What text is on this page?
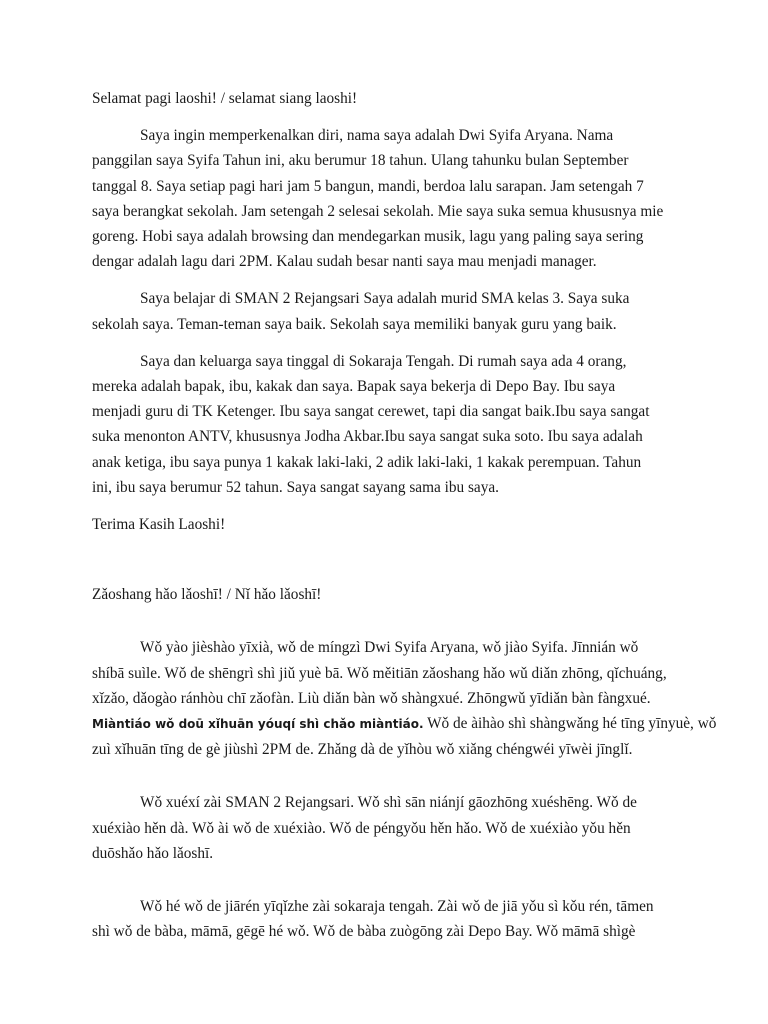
Selamat pagi laoshi! / selamat siang laoshi!

Saya ingin memperkenalkan diri, nama saya adalah Dwi Syifa Aryana. Nama
panggilan saya Syifa Tahun ini, aku berumur 18 tahun. Ulang tahunku bulan September
tanggal 8. Saya setiap pagi hari jam 5 bangun, mandi, berdoa lalu sarapan. Jam setengah 7
saya berangkat sekolah. Jam setengah 2 selesai sekolah. Mie saya suka semua khususnya mie
goreng. Hobi saya adalah browsing dan mendegarkan musik, lagu yang paling saya sering
dengar adalah lagu dari 2PM. Kalau sudah besar nanti saya mau menjadi manager.

Saya belajar di SMAN 2 Rejangsari Saya adalah murid SMA kelas 3. Saya suka
sekolah saya. Teman-teman saya baik. Sekolah saya memiliki banyak guru yang baik.

Saya dan keluarga saya tinggal di Sokaraja Tengah. Di rumah saya ada 4 orang,
mereka adalah bapak, ibu, kakak dan saya. Bapak saya bekerja di Depo Bay. Ibu saya
menjadi guru di TK Ketenger. Ibu saya sangat cerewet, tapi dia sangat baik.Ibu saya sangat
suka menonton ANTV, khususnya Jodha Akbar.Ibu saya sangat suka soto. Ibu saya adalah
anak ketiga, ibu saya punya 1 kakak laki-laki, 2 adik laki-laki, 1 kakak perempuan. Tahun
ini, ibu saya berumur 52 tahun. Saya sangat sayang sama ibu saya.

Terima Kasih Laoshi!

Zǎoshang hǎo lǎoshī! / Nǐ hǎo lǎoshī!

Wǒ yào jièshào yīxià, wǒ de míngzì Dwi Syifa Aryana, wǒ jiào Syifa. Jīnnián wǒ
shíbā suìle. Wǒ de shēngrì shì jiǔ yuè bā. Wǒ měitiān zǎoshang hǎo wǔ diǎn zhōng, qǐchuáng,
xǐzǎo, dǎogào ránhòu chī zǎofàn. Liù diǎn bàn wǒ shàngxué. Zhōngwǔ yīdiǎn bàn fàngxué.
Miàntiáo wǒ doū xǐhuān yóuqí shì chǎo miàntiáo. Wǒ de àihào shì shàngwǎng hé tīng yīnyuè, wǒ
zuì xǐhuān tīng de gè jiùshì 2PM de. Zhǎng dà de yǐhòu wǒ xiǎng chéngwéi yīwèi jīnglǐ.

Wǒ xuéxí zài SMAN 2 Rejangsari. Wǒ shì sān niánjí gāozhōng xuéshēng. Wǒ de
xuéxiào hěn dà. Wǒ ài wǒ de xuéxiào. Wǒ de péngyǒu hěn hǎo. Wǒ de xuéxiào yǒu hěn
duōshǎo hǎo lǎoshī.

Wǒ hé wǒ de jiārén yīqǐzhe zài sokaraja tengah. Zài wǒ de jiā yǒu sì kǒu rén, tāmen
shì wǒ de bàba, māmā, gēgē hé wǒ. Wǒ de bàba zuògōng zài Depo Bay. Wǒ māmā shìgè
